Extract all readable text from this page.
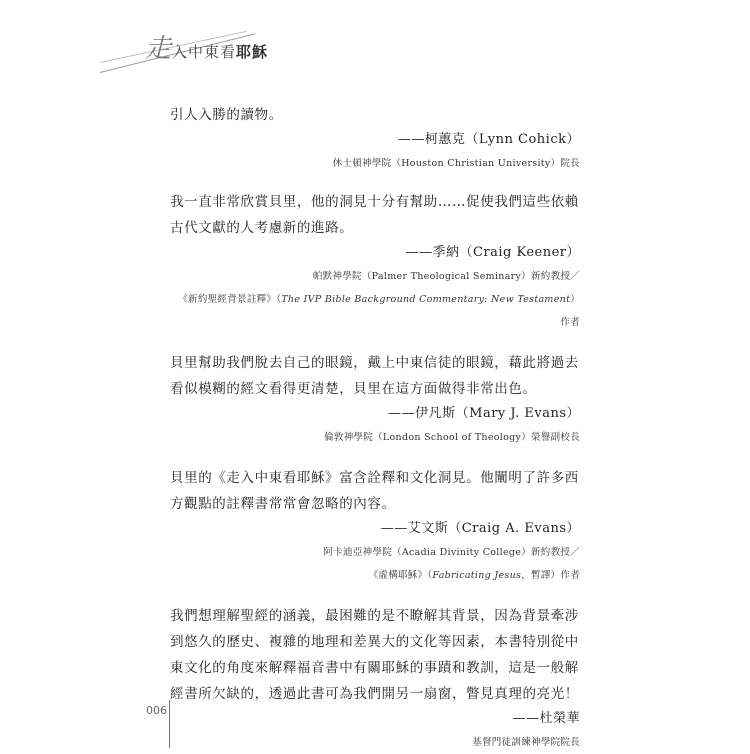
走入中東看耶穌

引人入勝的讀物。

——柯蕙克（Lynn Cohick）

休士頓神學院（Houston Christian University）院長

我一直非常欣賞貝里，他的洞見十分有幫助……促使我們這些依賴古代文獻的人考慮新的進路。

——季納（Craig Keener）

帕默神學院（Palmer Theological Seminary）新約教授／

《新約聖經背景註釋》（The IVP Bible Background Commentary: New Testament）作者

貝里幫助我們脫去自己的眼鏡，戴上中東信徒的眼鏡，藉此將過去看似模糊的經文看得更清楚，貝里在這方面做得非常出色。

——伊凡斯（Mary J. Evans）

倫敦神學院（London School of Theology）榮譽副校長

貝里的《走入中東看耶穌》富含詮釋和文化洞見。他闡明了許多西方觀點的註釋書常常會忽略的內容。

——艾文斯（Craig A. Evans）

阿卡迪亞神學院（Acadia Divinity College）新約教授／

《虛構耶穌》（Fabricating Jesus，暫譯）作者

我們想理解聖經的涵義，最困難的是不瞭解其背景，因為背景牽涉到悠久的歷史、複雜的地理和差異大的文化等因素，本書特別從中東文化的角度來解釋福音書中有關耶穌的事蹟和教訓，這是一般解經書所欠缺的，透過此書可為我們開另一扇窗，瞥見真理的亮光！

——杜榮華

基督門徒訓練神學院院長

006
